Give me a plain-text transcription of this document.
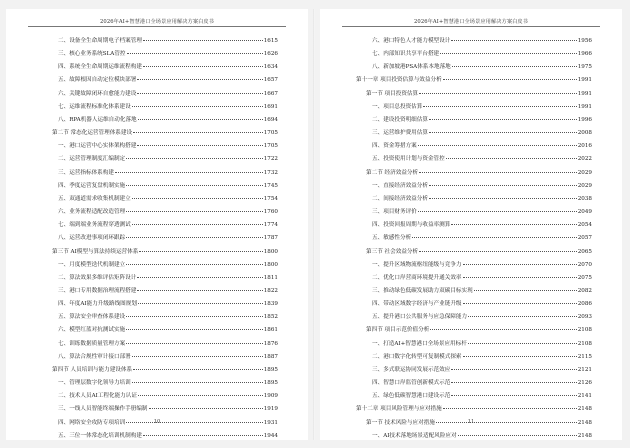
2026年AI+智慧港口全场景应用解决方案白皮书
二、设备全生命周期电子档案管理	1615
三、核心业务系统SLA管控	1626
四、系统全生命周期运维流程构建	1634
五、故障根因自动定位模块部署	1657
六、关键故障闭环自愈能力建设	1667
七、运维流程标准化体系建设	1691
八、RPA机器人运维自动化落地	1694
第二节 常态化运营管理体系建设	1705
一、港口运营中心实体架构搭建	1705
二、运营管理制度汇编制定	1722
三、运营指标体系构建	1732
四、季度运营复盘机制实施	1745
五、双通道需求收集机制建立	1754
六、业务流程适配改造管理	1760
七、端到端业务流程穿透测试	1774
八、运营改进事项闭环跟踪	1787
第三节 AI模型与算法持续运营体系	1800
一、月度模型迭代机制建立	1800
二、算法效果多维评估矩阵设计	1811
三、港口专用数据治理流程搭建	1822
四、年度AI能力升级路线图规划	1839
五、算法安全审查体系建设	1852
六、模型红蓝对抗测试实施	1861
七、训练数据质量管理方案	1876
八、算法合规性审计接口部署	1887
第四节 人员培训与能力建设体系	1895
一、管理层数字化领导力培训	1895
二、技术人员AI工程化能力认证	1909
三、一线人员智能终端操作手册编制	1919
四、网络安全攻防专项培训	1931
五、三位一体常态化培训机制构建	1944
10
2026年AI+智慧港口全场景应用解决方案白皮书
六、港口特色人才能力模型设计	1956
七、内部知识共享平台搭建	1966
八、新加坡港PSA体系本地落地	1975
第十一章 项目投资估算与效益分析	1991
第一节 项目投资估算	1991
一、项目总投资估算	1991
二、建设投资明细估算	1996
三、运营维护费用估算	2008
四、资金筹措方案	2016
五、投资使用计划与资金管控	2022
第二节 经济效益分析	2029
一、直接经济效益分析	2029
二、间接经济效益分析	2038
三、项目财务评价	2049
四、投资回报周期与收益率测算	2054
五、敏感性分析	2057
第三节 社会效益分析	2065
一、提升区域物流枢纽能级与竞争力	2070
二、优化口岸营商环境提升通关效率	2075
三、推动绿色低碳发展助力双碳目标实现	2082
四、带动区域数字经济与产业链升级	2086
五、提升港口公共服务与应急保障能力	2093
第四节 项目示范价值分析	2108
一、打造AI+智慧港口全场景应用标杆	2108
二、港口数字化转型可复制模式探索	2115
三、多式联运协同发展示范效应	2121
四、智慧口岸监管创新模式示范	2126
五、绿色低碳智慧港口建设示范	2141
第十二章 项目风险管理与应对措施	2148
第一节 技术风险与应对措施	2148
一、AI技术落地场景适配风险应对	2148
11
